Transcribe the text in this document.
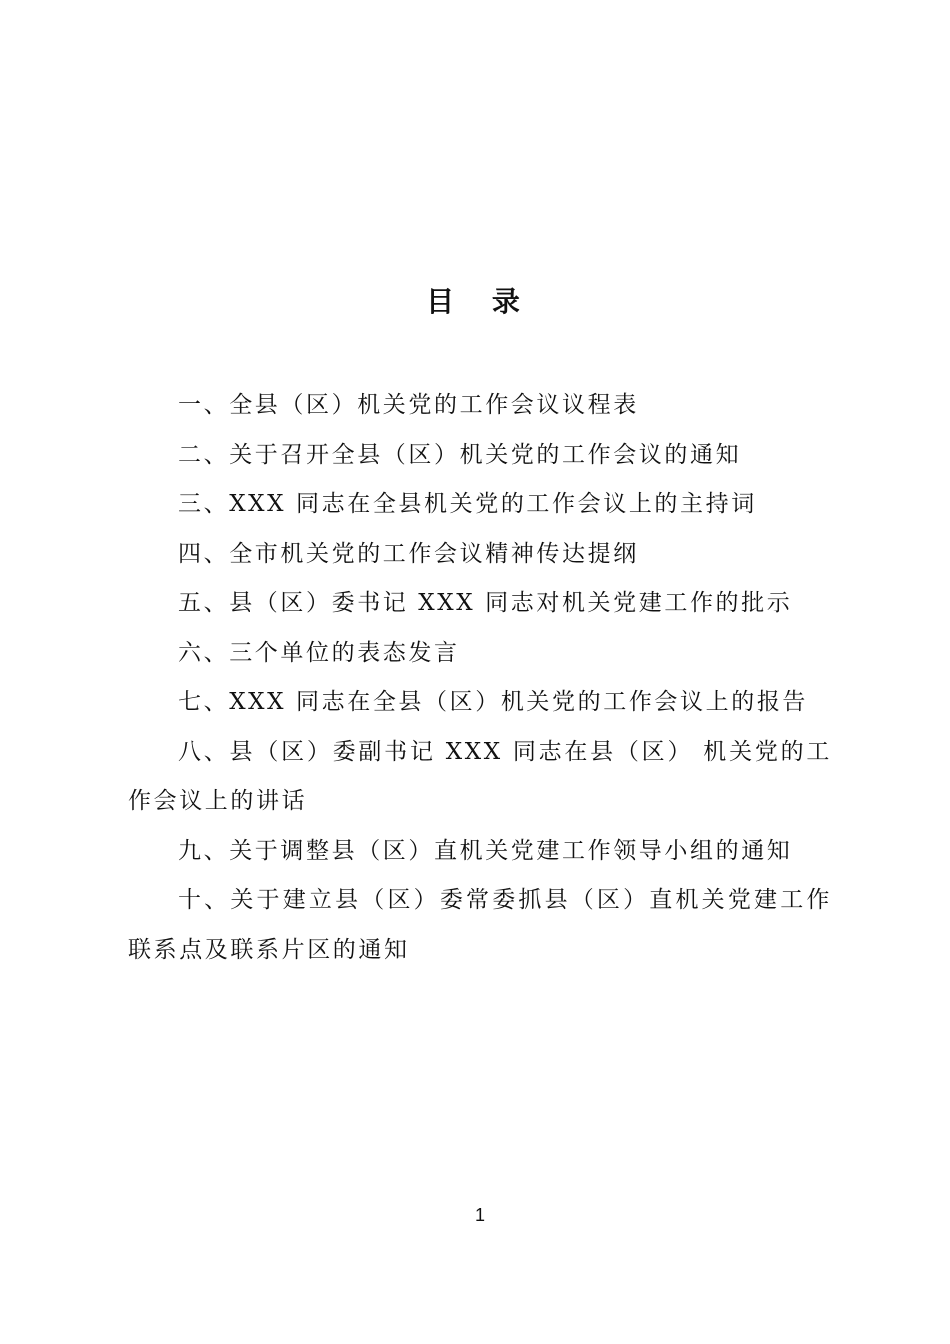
目 录
一、全县（区）机关党的工作会议议程表
二、关于召开全县（区）机关党的工作会议的通知
三、XXX 同志在全县机关党的工作会议上的主持词
四、全市机关党的工作会议精神传达提纲
五、县（区）委书记 XXX 同志对机关党建工作的批示
六、三个单位的表态发言
七、XXX 同志在全县（区）机关党的工作会议上的报告
八、县（区）委副书记 XXX 同志在县（区） 机关党的工作会议上的讲话
九、关于调整县（区）直机关党建工作领导小组的通知
十、关于建立县（区）委常委抓县（区）直机关党建工作联系点及联系片区的通知
1
